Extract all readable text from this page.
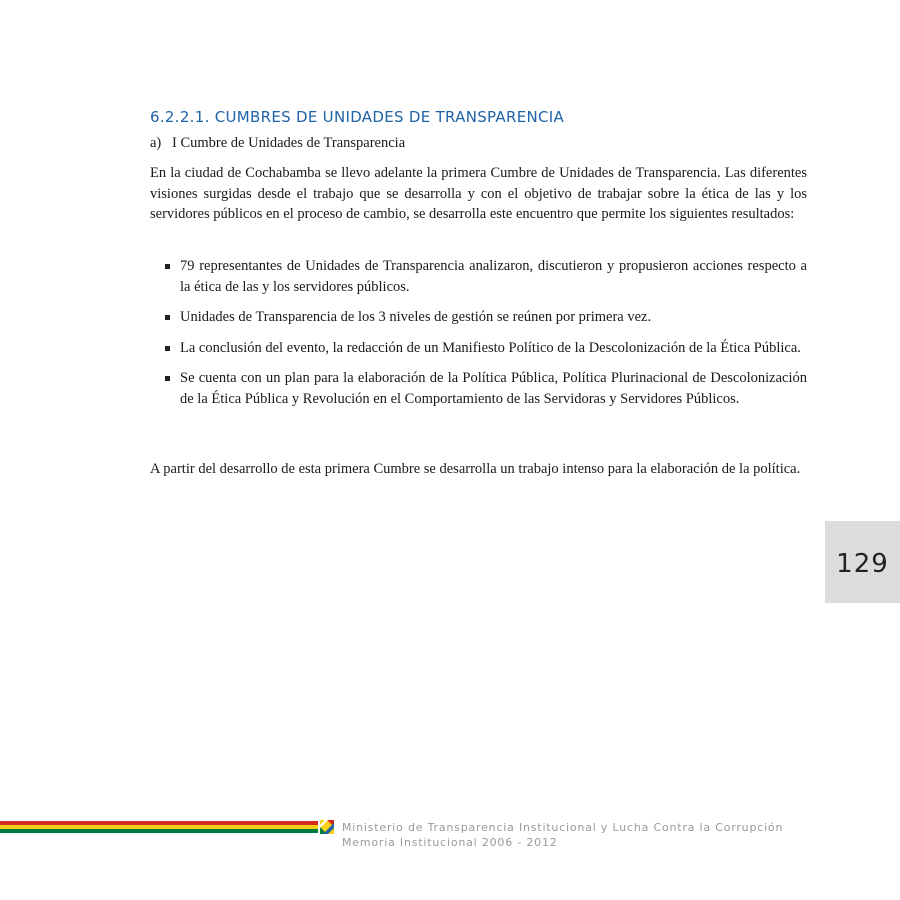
6.2.2.1. CUMBRES DE UNIDADES DE TRANSPARENCIA
a) I Cumbre de Unidades de Transparencia

En la ciudad de Cochabamba se llevo adelante la primera Cumbre de Unidades de Transparencia. Las diferentes visiones surgidas desde el trabajo que se desarrolla y con el objetivo de trabajar sobre la ética de las y los servidores públicos en el proceso de cambio, se desarrolla este encuentro que permite los siguientes resultados:

79 representantes de Unidades de Transparencia analizaron, discutieron y propusieron acciones respecto a la ética de las y los servidores públicos.
Unidades de Transparencia de los 3 niveles de gestión se reúnen por primera vez.
La conclusión del evento, la redacción de un Manifiesto Político de la Descolonización de la Ética Pública.
Se cuenta con un plan para la elaboración de la Política Pública, Política Plurinacional de Descolonización de la Ética Pública y Revolución en el Comportamiento de las Servidoras y Servidores Públicos.

A partir del desarrollo de esta primera Cumbre se desarrolla un trabajo intenso para la elaboración de la política.

129
Ministerio de Transparencia Institucional y Lucha Contra la Corrupción
Memoria Institucional 2006 - 2012
